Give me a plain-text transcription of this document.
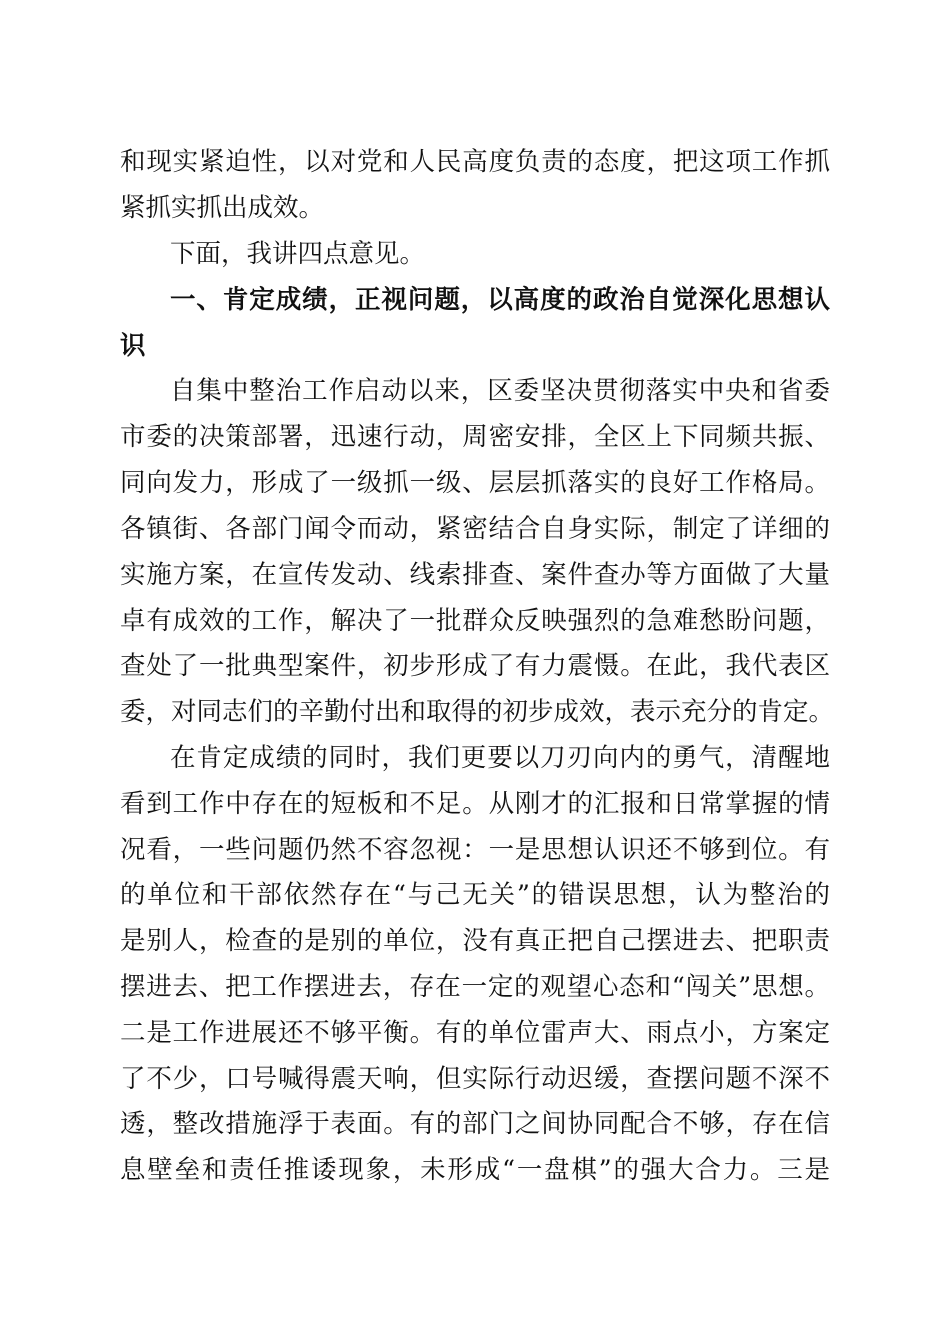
和现实紧迫性，以对党和人民高度负责的态度，把这项工作抓
紧抓实抓出成效。
下面，我讲四点意见。
一、肯定成绩，正视问题，以高度的政治自觉深化思想认
识
自集中整治工作启动以来，区委坚决贯彻落实中央和省委
市委的决策部署，迅速行动，周密安排，全区上下同频共振、
同向发力，形成了一级抓一级、层层抓落实的良好工作格局。
各镇街、各部门闻令而动，紧密结合自身实际，制定了详细的
实施方案，在宣传发动、线索排查、案件查办等方面做了大量
卓有成效的工作，解决了一批群众反映强烈的急难愁盼问题，
查处了一批典型案件，初步形成了有力震慑。在此，我代表区
委，对同志们的辛勤付出和取得的初步成效，表示充分的肯定。
在肯定成绩的同时，我们更要以刀刃向内的勇气，清醒地
看到工作中存在的短板和不足。从刚才的汇报和日常掌握的情
况看，一些问题仍然不容忽视：一是思想认识还不够到位。有
的单位和干部依然存在“与己无关”的错误思想，认为整治的
是别人，检查的是别的单位，没有真正把自己摆进去、把职责
摆进去、把工作摆进去，存在一定的观望心态和“闯关”思想。
二是工作进展还不够平衡。有的单位雷声大、雨点小，方案定
了不少，口号喊得震天响，但实际行动迟缓，查摆问题不深不
透，整改措施浮于表面。有的部门之间协同配合不够，存在信
息壁垒和责任推诿现象，未形成“一盘棋”的强大合力。三是
